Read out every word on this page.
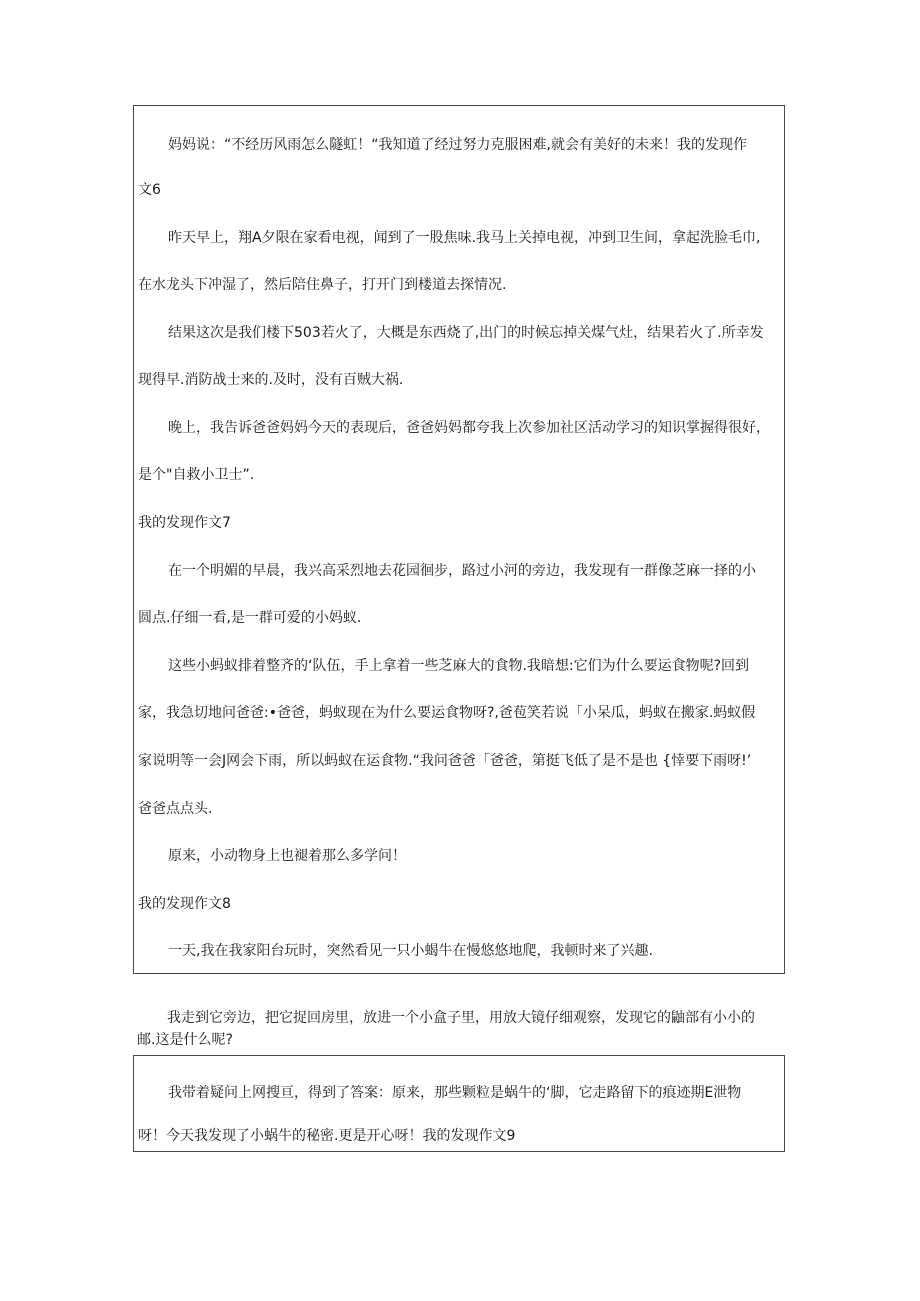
妈妈说：“不经历风雨怎么隧虹！“我知道了经过努力克服困难,就会有美好的未来！我的发现作
文6
昨天早上，翔A夕限在家看电视，闻到了一股焦味.我马上关掉电视，冲到卫生间，拿起洗脸毛巾,
在水龙头下冲湿了，然后陪住鼻子，打开门到楼道去探情况.
结果这次是我们楼下503若火了，大概是东西烧了,出门的时候忘掉关煤气灶，结果若火了.所幸发
现得早.消防战士来的.及时，没有百贼大祸.
晚上，我告诉爸爸妈妈今天的表现后，爸爸妈妈都夸我上次参加社区活动学习的知识掌握得很好，
是个"自救小卫士”.
我的发现作文7
在一个明媚的早晨，我兴高采烈地去花园徊步，路过小河的旁边，我发现有一群像芝麻一择的小
圆点.仔细一看,是一群可爱的小妈蚁.
这些小蚂蚁排着整齐的‘队伍，手上拿着一些芝麻大的食物.我暗想:它们为什么要运食物呢?回到
家，我急切地问爸爸:•爸爸，蚂蚁现在为什么要运食物呀?,爸苞笑若说「小呆瓜，蚂蚁在搬家.蚂蚁假
家说明等一会J网会下雨，所以蚂蚁在运食物.“我问爸爸「爸爸，第挺飞低了是不是也 {悻要下雨呀!’
爸爸点点头.
原来，小动物身上也褪着那么多学问！
我的发现作文8
一天,我在我家阳台玩时，突然看见一只小蝎牛在慢悠悠地爬，我顿时来了兴趣.
我走到它旁边，把它捉回房里，放进一个小盒子里，用放大镜仔细观察，发现它的鼬部有小小的
邮.这是什么呢?
我带着疑问上网搜亘，得到了答案：原来，那些颗粒是蜗牛的‘脚，它走路留下的痕迹期E泄物
呀！今天我发现了小蜗牛的秘密.更是开心呀！我的发现作文9
